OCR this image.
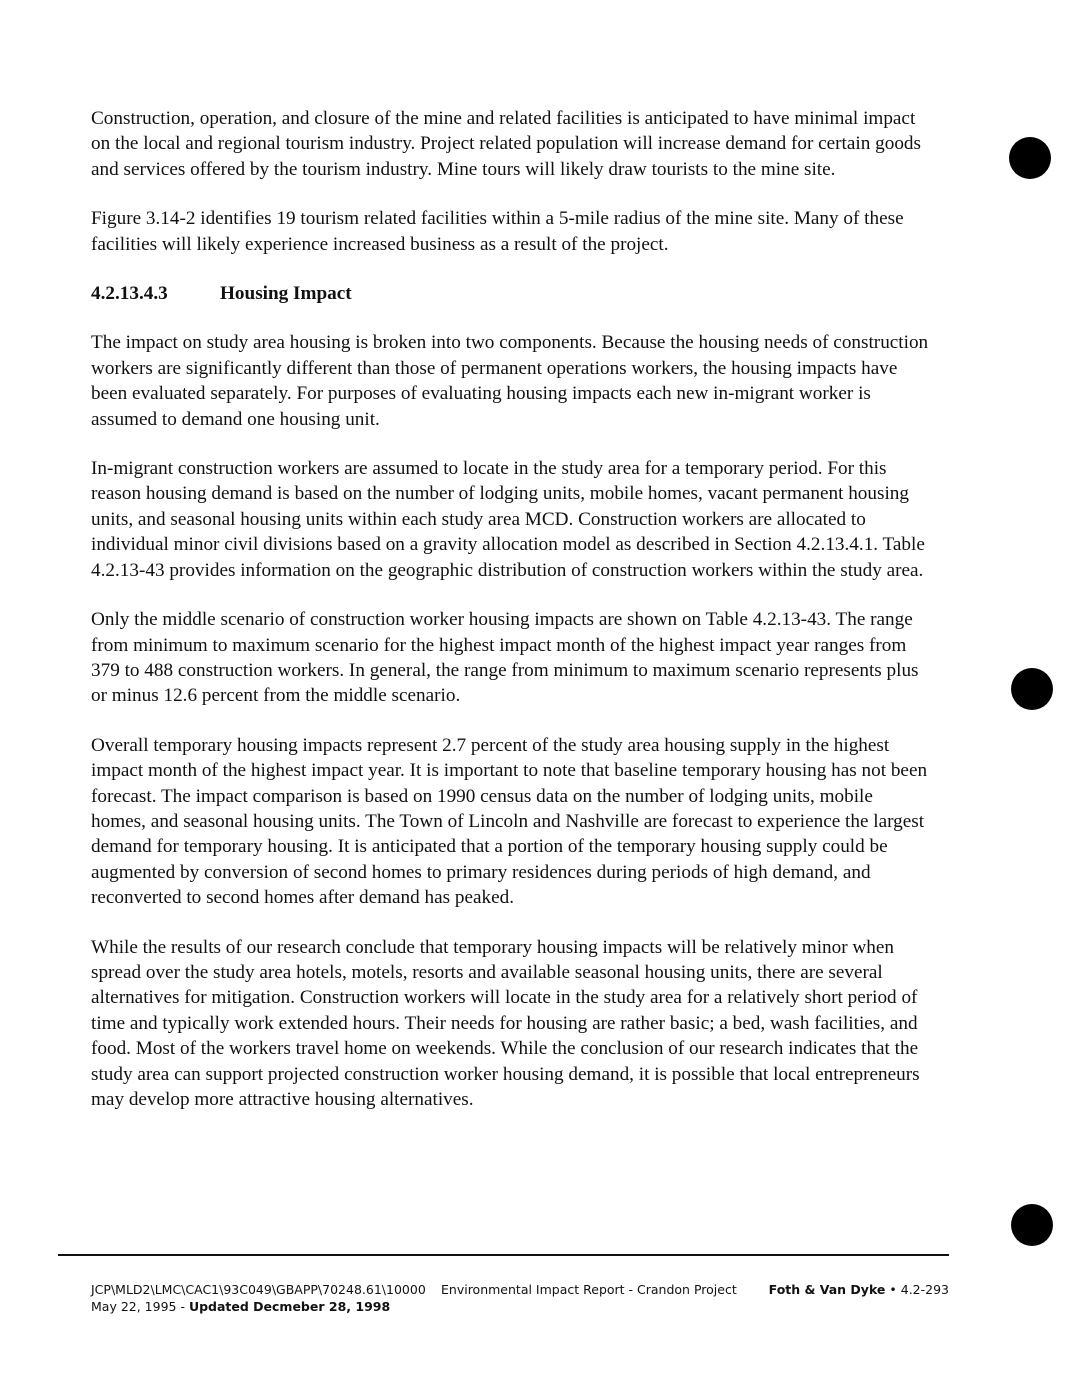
Construction, operation, and closure of the mine and related facilities is anticipated to have minimal impact on the local and regional tourism industry. Project related population will increase demand for certain goods and services offered by the tourism industry. Mine tours will likely draw tourists to the mine site.

Figure 3.14-2 identifies 19 tourism related facilities within a 5-mile radius of the mine site. Many of these facilities will likely experience increased business as a result of the project.

4.2.13.4.3	Housing Impact

The impact on study area housing is broken into two components. Because the housing needs of construction workers are significantly different than those of permanent operations workers, the housing impacts have been evaluated separately. For purposes of evaluating housing impacts each new in-migrant worker is assumed to demand one housing unit.

In-migrant construction workers are assumed to locate in the study area for a temporary period. For this reason housing demand is based on the number of lodging units, mobile homes, vacant permanent housing units, and seasonal housing units within each study area MCD. Construction workers are allocated to individual minor civil divisions based on a gravity allocation model as described in Section 4.2.13.4.1. Table 4.2.13-43 provides information on the geographic distribution of construction workers within the study area.

Only the middle scenario of construction worker housing impacts are shown on Table 4.2.13-43. The range from minimum to maximum scenario for the highest impact month of the highest impact year ranges from 379 to 488 construction workers. In general, the range from minimum to maximum scenario represents plus or minus 12.6 percent from the middle scenario.

Overall temporary housing impacts represent 2.7 percent of the study area housing supply in the highest impact month of the highest impact year. It is important to note that baseline temporary housing has not been forecast. The impact comparison is based on 1990 census data on the number of lodging units, mobile homes, and seasonal housing units. The Town of Lincoln and Nashville are forecast to experience the largest demand for temporary housing. It is anticipated that a portion of the temporary housing supply could be augmented by conversion of second homes to primary residences during periods of high demand, and reconverted to second homes after demand has peaked.

While the results of our research conclude that temporary housing impacts will be relatively minor when spread over the study area hotels, motels, resorts and available seasonal housing units, there are several alternatives for mitigation. Construction workers will locate in the study area for a relatively short period of time and typically work extended hours. Their needs for housing are rather basic; a bed, wash facilities, and food. Most of the workers travel home on weekends. While the conclusion of our research indicates that the study area can support projected construction worker housing demand, it is possible that local entrepreneurs may develop more attractive housing alternatives.

JCP\MLD2\LMC\CAC1\93C049\GBAPP\70248.61\10000
May 22, 1995 - Updated Decmeber 28, 1998
Environmental Impact Report - Crandon Project	Foth & Van Dyke • 4.2-293
